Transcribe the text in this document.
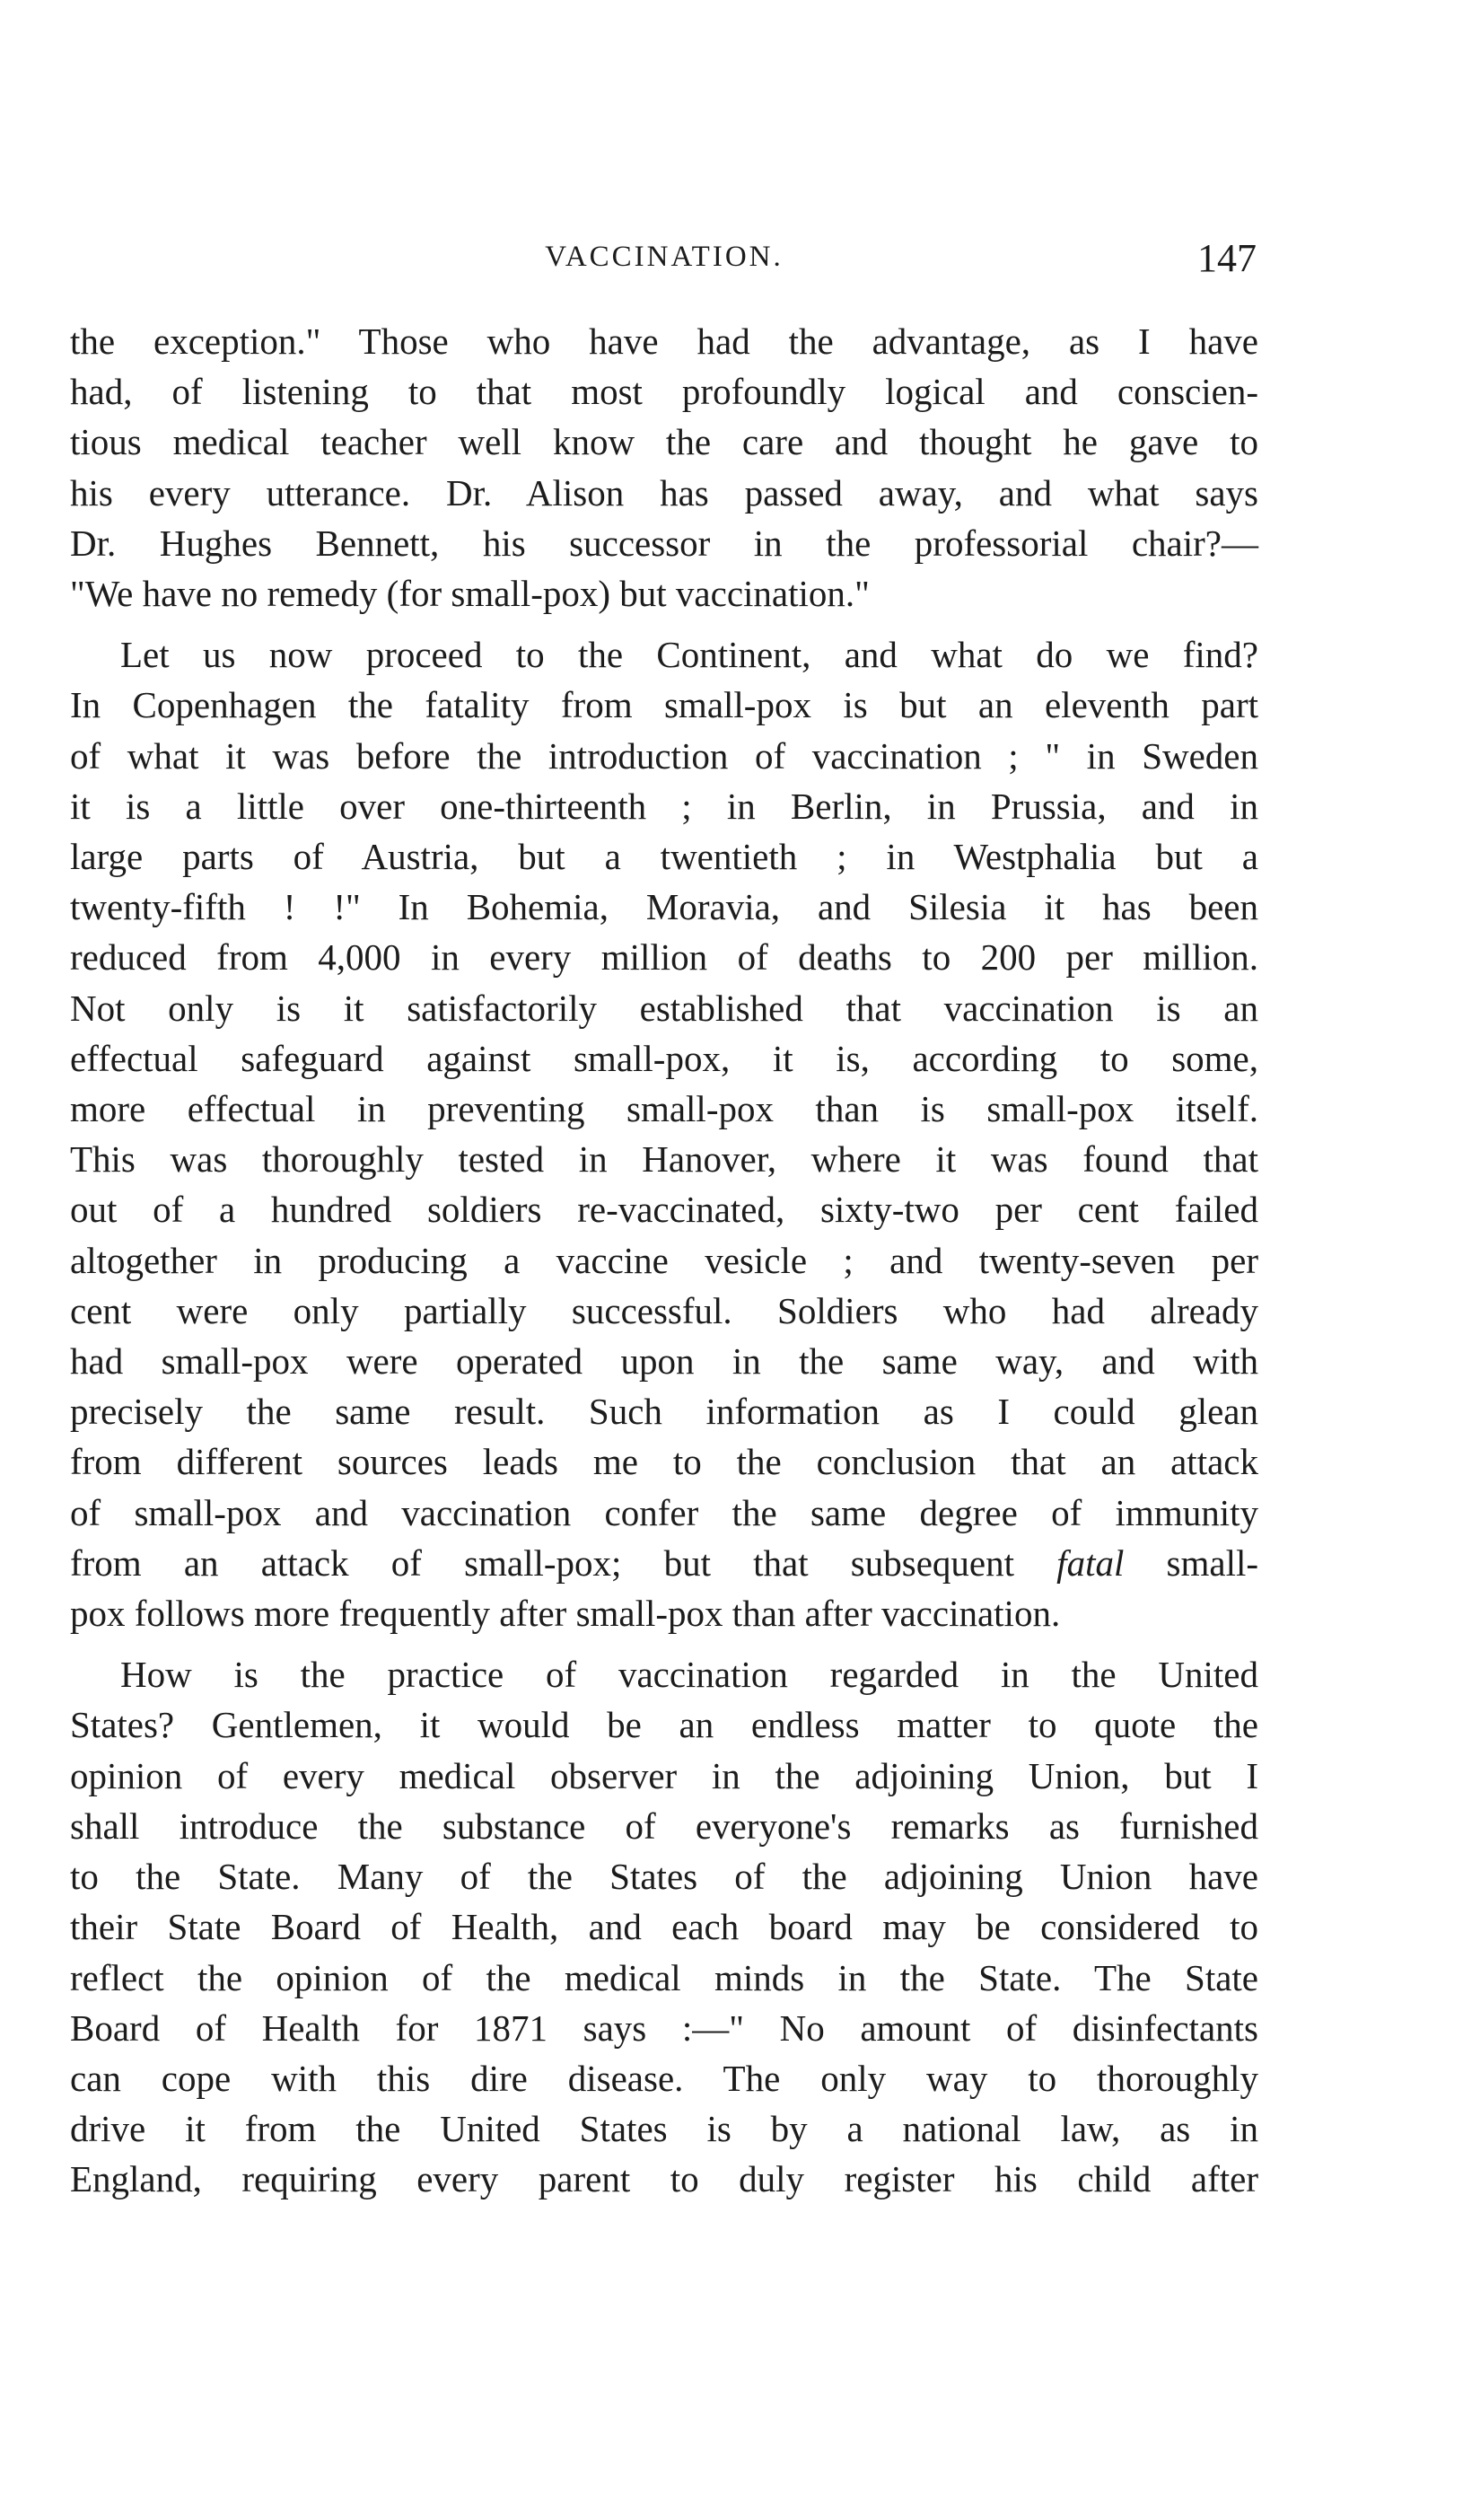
VACCINATION.	147
the exception." Those who have had the advantage, as I have
had, of listening to that most profoundly logical and conscien-
tious medical teacher well know the care and thought he gave to
his every utterance. Dr. Alison has passed away, and what says
Dr. Hughes Bennett, his successor in the professorial chair?—
"We have no remedy (for small-pox) but vaccination."
Let us now proceed to the Continent, and what do we find?
In Copenhagen the fatality from small-pox is but an eleventh part
of what it was before the introduction of vaccination ; " in Sweden
it is a little over one-thirteenth ; in Berlin, in Prussia, and in
large parts of Austria, but a twentieth ; in Westphalia but a
twenty-fifth ! !" In Bohemia, Moravia, and Silesia it has been
reduced from 4,000 in every million of deaths to 200 per million.
Not only is it satisfactorily established that vaccination is an
effectual safeguard against small-pox, it is, according to some,
more effectual in preventing small-pox than is small-pox itself.
This was thoroughly tested in Hanover, where it was found that
out of a hundred soldiers re-vaccinated, sixty-two per cent failed
altogether in producing a vaccine vesicle ; and twenty-seven per
cent were only partially successful. Soldiers who had already
had small-pox were operated upon in the same way, and with
precisely the same result. Such information as I could glean
from different sources leads me to the conclusion that an attack
of small-pox and vaccination confer the same degree of immunity
from an attack of small-pox; but that subsequent fatal small-
pox follows more frequently after small-pox than after vaccination.
How is the practice of vaccination regarded in the United
States? Gentlemen, it would be an endless matter to quote the
opinion of every medical observer in the adjoining Union, but I
shall introduce the substance of everyone's remarks as furnished
to the State. Many of the States of the adjoining Union have
their State Board of Health, and each board may be considered to
reflect the opinion of the medical minds in the State. The State
Board of Health for 1871 says :—" No amount of disinfectants
can cope with this dire disease. The only way to thoroughly
drive it from the United States is by a national law, as in
England, requiring every parent to duly register his child after
